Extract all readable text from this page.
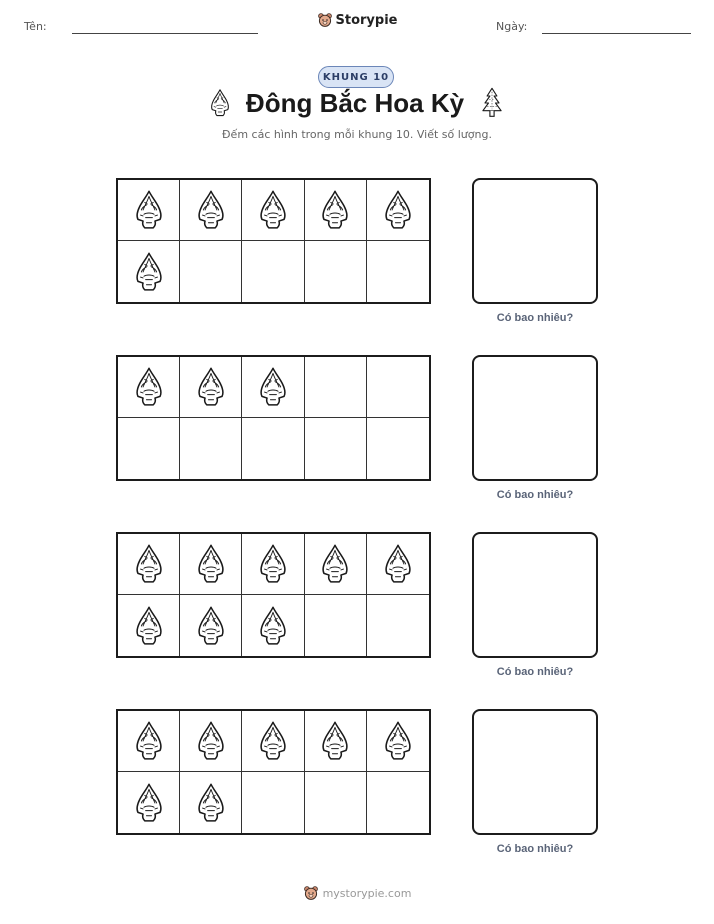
Tên:	Storypie	Ngày:
KHUNG 10
Đông Bắc Hoa Kỳ
Đếm các hình trong mỗi khung 10. Viết số lượng.
Có bao nhiêu?
Có bao nhiêu?
Có bao nhiêu?
Có bao nhiêu?
mystorypie.com
